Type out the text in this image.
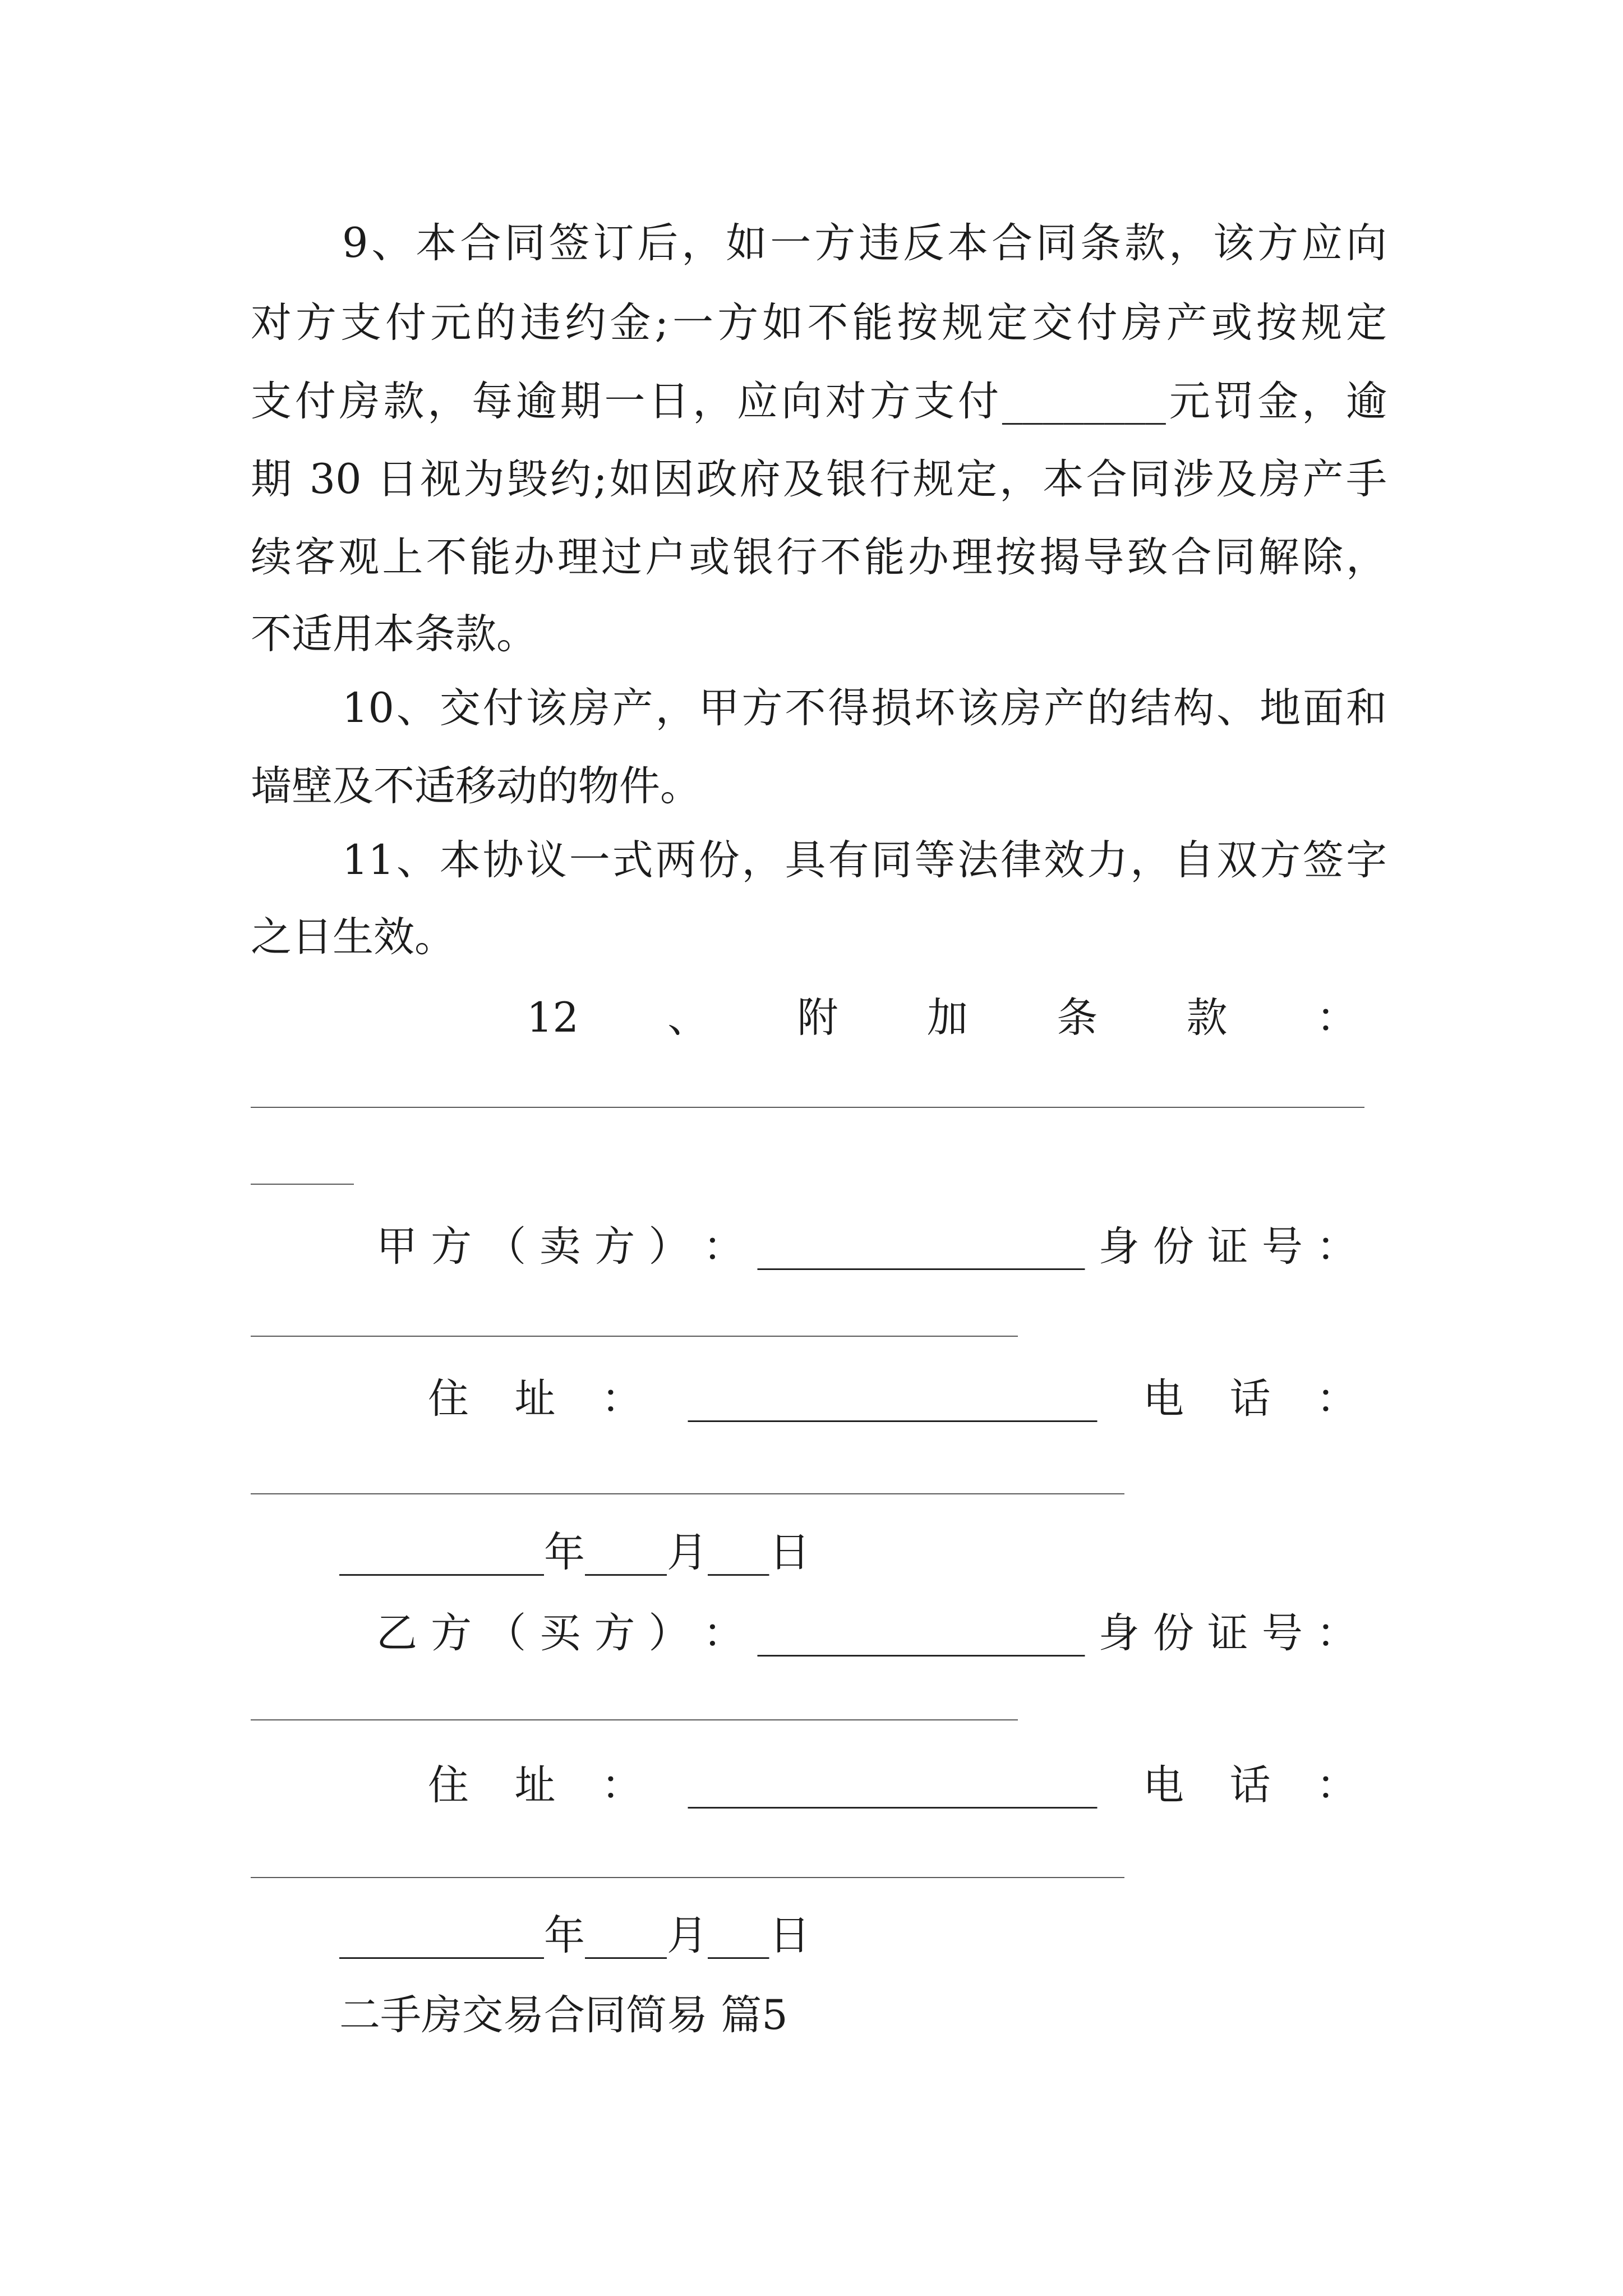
9、本合同签订后，如一方违反本合同条款，该方应向
对方支付元的违约金;一方如不能按规定交付房产或按规定
支付房款，每逾期一日，应向对方支付________元罚金，逾
期 30 日视为毁约;如因政府及银行规定，本合同涉及房产手
续客观上不能办理过户或银行不能办理按揭导致合同解除，
不适用本条款。
10、交付该房产，甲方不得损坏该房产的结构、地面和
墙壁及不适移动的物件。
11、本协议一式两份，具有同等法律效力，自双方签字
之日生效。
12 、 附 加 条 款 ：
甲 方 （ 卖 方 ） ： ________________ 身 份 证 号 ：
住 址 ： ____________________ 电 话 ：
__________年____月___日
乙 方 （ 买 方 ） ： ________________ 身 份 证 号 ：
住 址 ： ____________________ 电 话 ：
__________年____月___日
二手房交易合同简易 篇5
